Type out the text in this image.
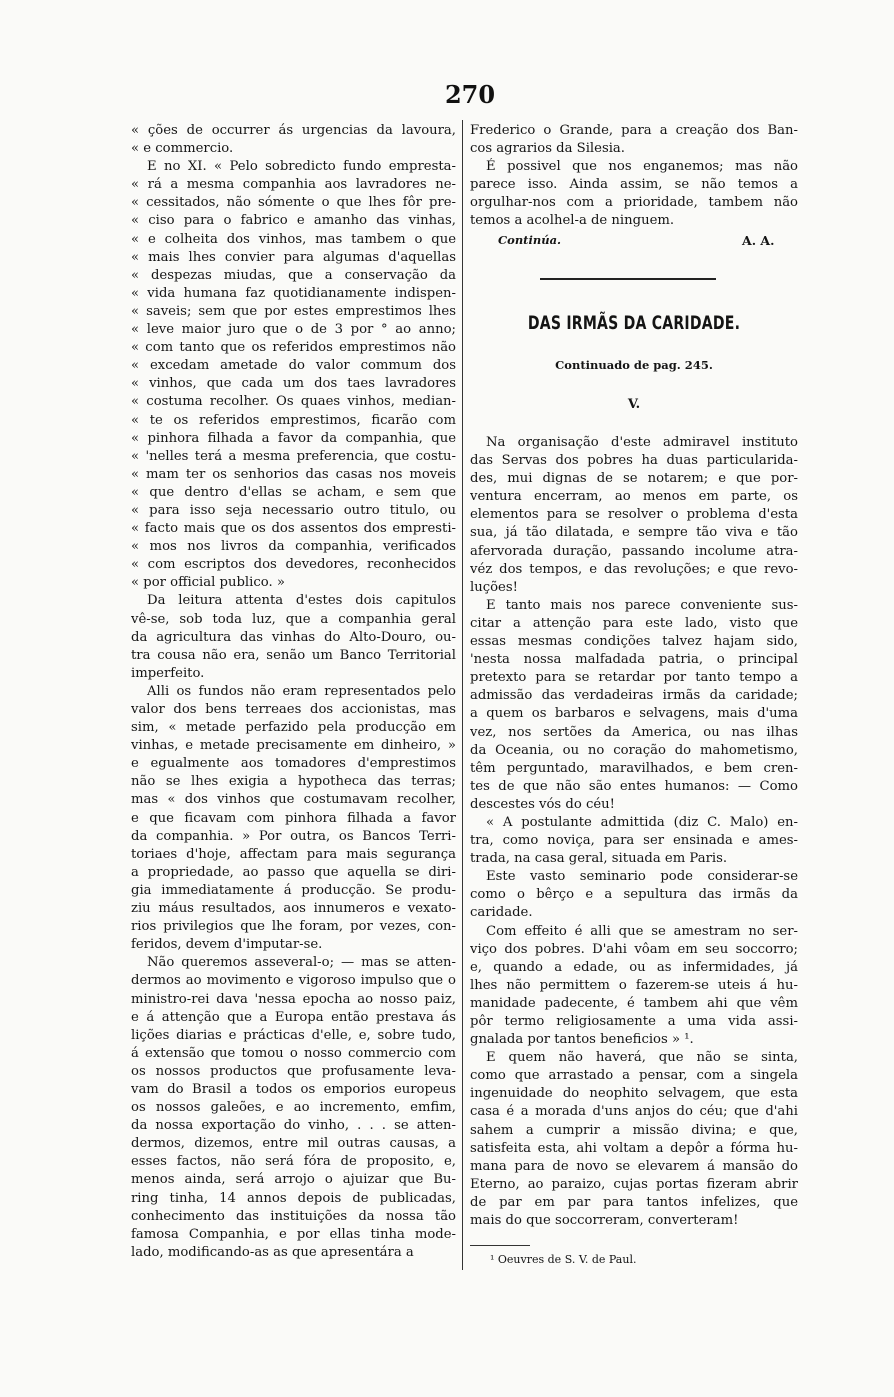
270
« ções de occurrer ás urgencias da lavoura,
« e commercio.
E no XI. « Pelo sobredicto fundo empresta-
« rá a mesma companhia aos lavradores ne-
« cessitados, não sómente o que lhes fôr pre-
« ciso para o fabrico e amanho das vinhas,
« e colheita dos vinhos, mas tambem o que
« mais lhes convier para algumas d'aquellas
« despezas miudas, que a conservação da
« vida humana faz quotidianamente indispen-
« saveis; sem que por estes emprestimos lhes
« leve maior juro que o de 3 por ° ao anno;
« com tanto que os referidos emprestimos não
« excedam ametade do valor commum dos
« vinhos, que cada um dos taes lavradores
« costuma recolher. Os quaes vinhos, median-
« te os referidos emprestimos, ficarão com
« pinhora filhada a favor da companhia, que
« 'nelles terá a mesma preferencia, que costu-
« mam ter os senhorios das casas nos moveis
« que dentro d'ellas se acham, e sem que
« para isso seja necessario outro titulo, ou
« facto mais que os dos assentos dos empresti-
« mos nos livros da companhia, verificados
« com escriptos dos devedores, reconhecidos
« por official publico. »
Da leitura attenta d'estes dois capitulos
vê-se, sob toda luz, que a companhia geral
da agricultura das vinhas do Alto-Douro, ou-
tra cousa não era, senão um Banco Territorial
imperfeito.
Alli os fundos não eram representados pelo
valor dos bens terreaes dos accionistas, mas
sim, « metade perfazido pela producção em
vinhas, e metade precisamente em dinheiro, »
e egualmente aos tomadores d'emprestimos
não se lhes exigia a hypotheca das terras;
mas « dos vinhos que costumavam recolher,
e que ficavam com pinhora filhada a favor
da companhia. » Por outra, os Bancos Terri-
toriaes d'hoje, affectam para mais segurança
a propriedade, ao passo que aquella se diri-
gia immediatamente á producção. Se produ-
ziu máus resultados, aos innumeros e vexato-
rios privilegios que lhe foram, por vezes, con-
feridos, devem d'imputar-se.
Não queremos asseveral-o; — mas se atten-
dermos ao movimento e vigoroso impulso que o
ministro-rei dava 'nessa epocha ao nosso paiz,
e á attenção que a Europa então prestava ás
lições diarias e prácticas d'elle, e, sobre tudo,
á extensão que tomou o nosso commercio com
os nossos productos que profusamente leva-
vam do Brasil a todos os emporios europeus
os nossos galeões, e ao incremento, emfim,
da nossa exportação do vinho, . . . se atten-
dermos, dizemos, entre mil outras causas, a
esses factos, não será fóra de proposito, e,
menos ainda, será arrojo o ajuizar que Bu-
ring tinha, 14 annos depois de publicadas,
conhecimento das instituições da nossa tão
famosa Companhia, e por ellas tinha mode-
lado, modificando-as as que apresentára a
Frederico o Grande, para a creação dos Ban-
cos agrarios da Silesia.
É possivel que nos enganemos; mas não
parece isso. Ainda assim, se não temos a
orgulhar-nos com a prioridade, tambem não
temos a acolhel-a de ninguem.
Continúa.	A. A.
DAS IRMÃS DA CARIDADE.
Continuado de pag. 245.
V.
Na organisação d'este admiravel instituto
das Servas dos pobres ha duas particularida-
des, mui dignas de se notarem; e que por-
ventura encerram, ao menos em parte, os
elementos para se resolver o problema d'esta
sua, já tão dilatada, e sempre tão viva e tão
afervorada duração, passando incolume atra-
véz dos tempos, e das revoluções; e que revo-
luções!
E tanto mais nos parece conveniente sus-
citar a attenção para este lado, visto que
essas mesmas condições talvez hajam sido,
'nesta nossa malfadada patria, o principal
pretexto para se retardar por tanto tempo a
admissão das verdadeiras irmãs da caridade;
a quem os barbaros e selvagens, mais d'uma
vez, nos sertões da America, ou nas ilhas
da Oceania, ou no coração do mahometismo,
têm perguntado, maravilhados, e bem cren-
tes de que não são entes humanos: — Como
descestes vós do céu!
« A postulante admittida (diz C. Malo) en-
tra, como noviça, para ser ensinada e ames-
trada, na casa geral, situada em Paris.
Este vasto seminario pode considerar-se
como o bêrço e a sepultura das irmãs da
caridade.
Com effeito é alli que se amestram no ser-
viço dos pobres. D'ahi vôam em seu soccorro;
e, quando a edade, ou as infermidades, já
lhes não permittem o fazerem-se uteis á hu-
manidade padecente, é tambem ahi que vêm
pôr termo religiosamente a uma vida assi-
gnalada por tantos beneficios » ¹.
E quem não haverá, que não se sinta,
como que arrastado a pensar, com a singela
ingenuidade do neophito selvagem, que esta
casa é a morada d'uns anjos do céu; que d'ahi
sahem a cumprir a missão divina; e que,
satisfeita esta, ahi voltam a depôr a fórma hu-
mana para de novo se elevarem á mansão do
Eterno, ao paraizo, cujas portas fizeram abrir
de par em par para tantos infelizes, que
mais do que soccorreram, converteram!
¹ Oeuvres de S. V. de Paul.
